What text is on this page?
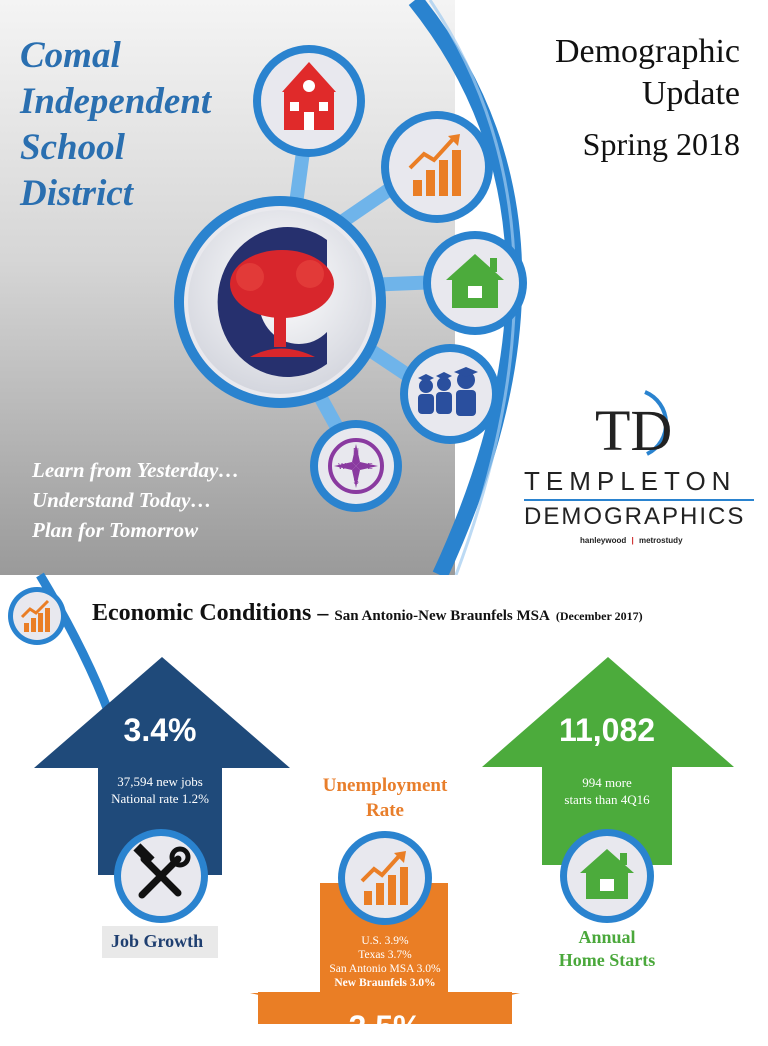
Comal
Independent
School
District
Demographic
Update
Spring 2018
N
S
E
W
Learn from Yesterday…
Understand Today…
Plan for Tomorrow
TD
TEMPLETON
DEMOGRAPHICS
hanleywood | metrostudy
Economic Conditions – San Antonio-New Braunfels MSA (December 2017)
3.4%
37,594 new jobs
National rate 1.2%
Job Growth
Unemployment
Rate
U.S. 3.9%
Texas 3.7%
San Antonio MSA 3.0%
New Braunfels 3.0%
2.5%
11,082
994 more
starts than 4Q16
Annual
Home Starts
